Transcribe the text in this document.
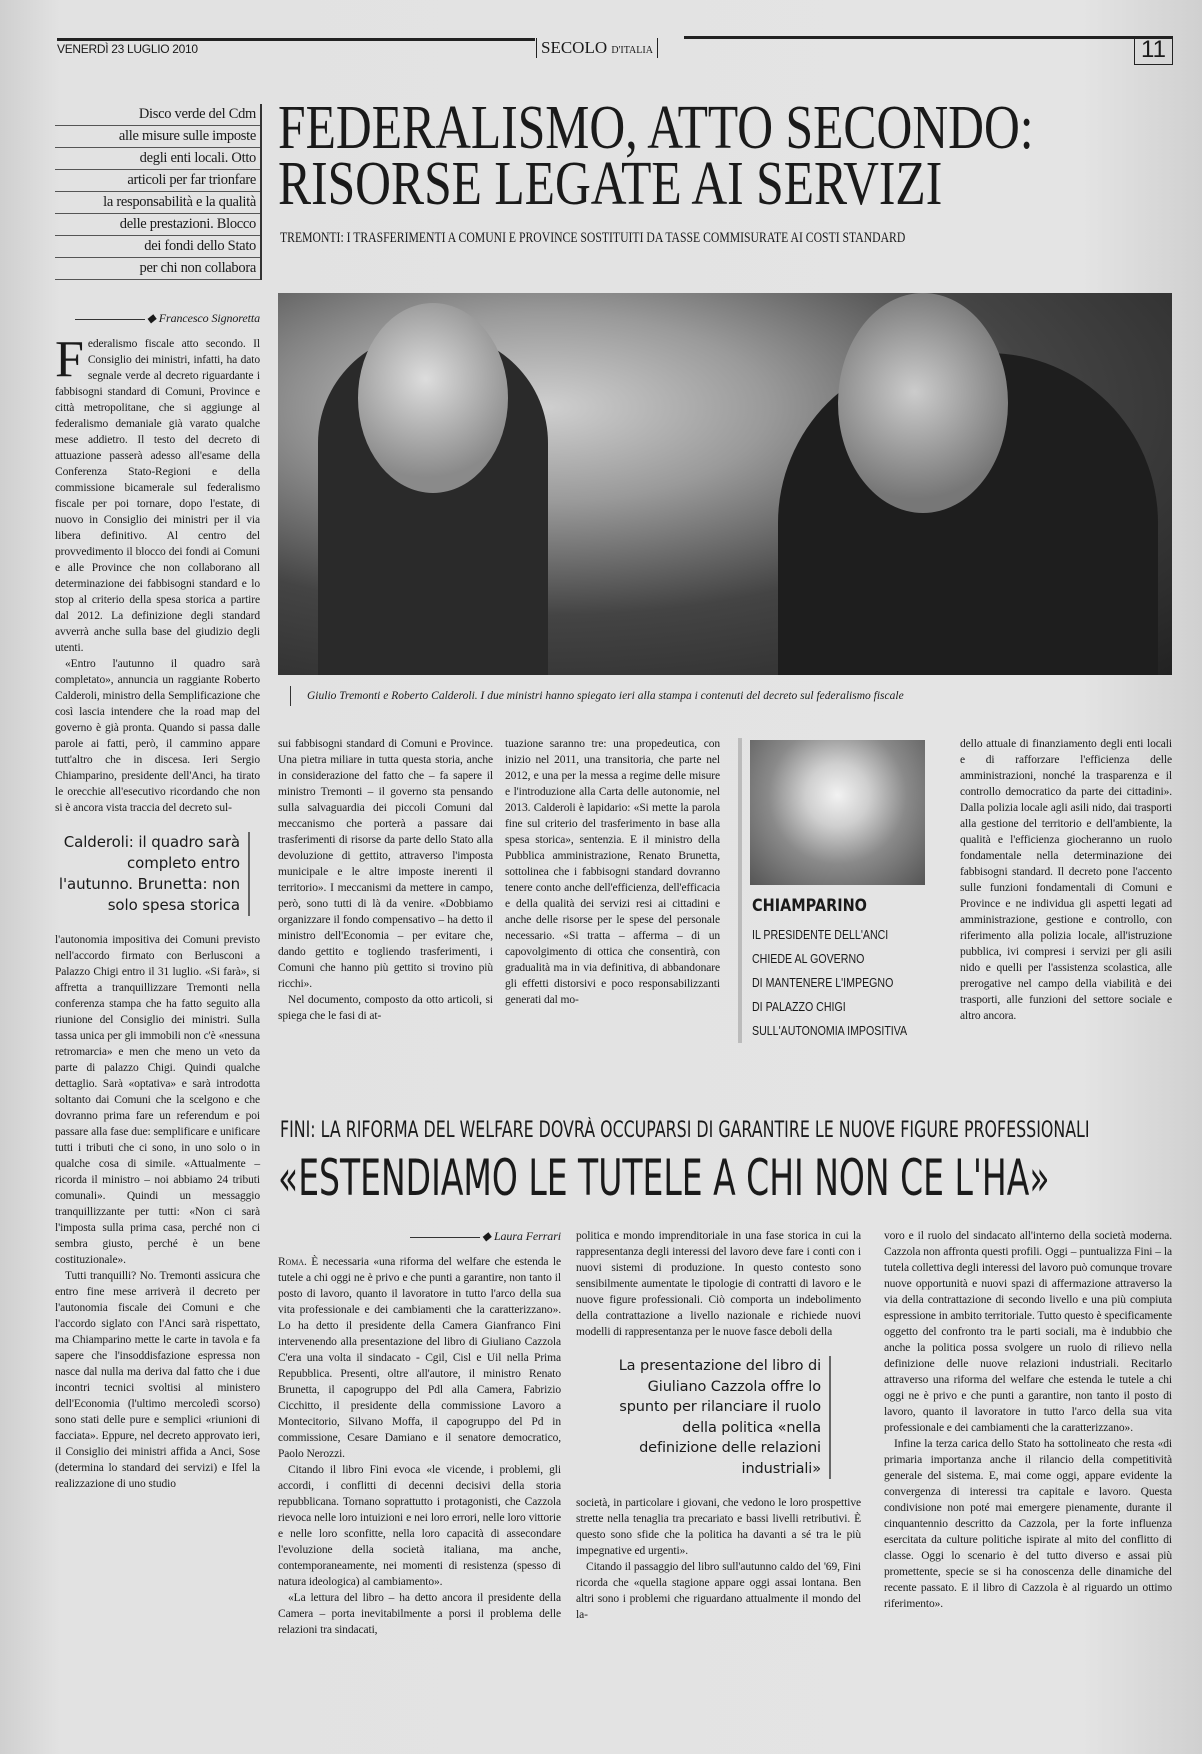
VENERDÌ 23 LUGLIO 2010	SECOLO D'ITALIA	11
Disco verde del Cdm
alle misure sulle imposte
degli enti locali. Otto
articoli per far trionfare
la responsabilità e la qualità
delle prestazioni. Blocco
dei fondi dello Stato
per chi non collabora
FEDERALISMO, ATTO SECONDO:
RISORSE LEGATE AI SERVIZI
TREMONTI: I TRASFERIMENTI A COMUNI E PROVINCE SOSTITUITI DA TASSE COMMISURATE AI COSTI STANDARD
Giulio Tremonti e Roberto Calderoli. I due ministri hanno spiegato ieri alla stampa i contenuti del decreto sul federalismo fiscale
◆ Francesco Signoretta

Federalismo fiscale atto secondo. Il Consiglio dei ministri, infatti, ha dato segnale verde al decreto riguardante i fabbisogni standard di Comuni, Province e città metropolitane, che si aggiunge al federalismo demaniale già varato qualche mese addietro. Il testo del decreto di attuazione passerà adesso all'esame della Conferenza Stato-Regioni e della commissione bicamerale sul federalismo fiscale per poi tornare, dopo l'estate, di nuovo in Consiglio dei ministri per il via libera definitivo. Al centro del provvedimento il blocco dei fondi ai Comuni e alle Province che non collaborano all determinazione dei fabbisogni standard e lo stop al criterio della spesa storica a partire dal 2012. La definizione degli standard avverrà anche sulla base del giudizio degli utenti.

«Entro l'autunno il quadro sarà completato», annuncia un raggiante Roberto Calderoli, ministro della Semplificazione che così lascia intendere che la road map del governo è già pronta. Quando si passa dalle parole ai fatti, però, il cammino appare tutt'altro che in discesa. Ieri Sergio Chiamparino, presidente dell'Anci, ha tirato le orecchie all'esecutivo ricordando che non si è ancora vista traccia del decreto sul-

Calderoli: il quadro sarà completo entro l'autunno. Brunetta: non solo spesa storica

l'autonomia impositiva dei Comuni previsto nell'accordo firmato con Berlusconi a Palazzo Chigi entro il 31 luglio. «Si farà», si affretta a tranquillizzare Tremonti nella conferenza stampa che ha fatto seguito alla riunione del Consiglio dei ministri. Sulla tassa unica per gli immobili non c'è «nessuna retromarcia» e men che meno un veto da parte di palazzo Chigi. Quindi qualche dettaglio. Sarà «optativa» e sarà introdotta soltanto dai Comuni che la scelgono e che dovranno prima fare un referendum e poi passare alla fase due: semplificare e unificare tutti i tributi che ci sono, in uno solo o in qualche cosa di simile. «Attualmente – ricorda il ministro – noi abbiamo 24 tributi comunali». Quindi un messaggio tranquillizzante per tutti: «Non ci sarà l'imposta sulla prima casa, perché non ci sembra giusto, perché è un bene costituzionale».

Tutti tranquilli? No. Tremonti assicura che entro fine mese arriverà il decreto per l'autonomia fiscale dei Comuni e che l'accordo siglato con l'Anci sarà rispettato, ma Chiamparino mette le carte in tavola e fa sapere che l'insoddisfazione espressa non nasce dal nulla ma deriva dal fatto che i due incontri tecnici svoltisi al ministero dell'Economia (l'ultimo mercoledì scorso) sono stati delle pure e semplici «riunioni di facciata». Eppure, nel decreto approvato ieri, il Consiglio dei ministri affida a Anci, Sose (determina lo standard dei servizi) e Ifel la realizzazione di uno studio

sui fabbisogni standard di Comuni e Province. Una pietra miliare in tutta questa storia, anche in considerazione del fatto che – fa sapere il ministro Tremonti – il governo sta pensando sulla salvaguardia dei piccoli Comuni dal meccanismo che porterà a passare dai trasferimenti di risorse da parte dello Stato alla devoluzione di gettito, attraverso l'imposta municipale e le altre imposte inerenti il territorio». I meccanismi da mettere in campo, però, sono tutti di là da venire. «Dobbiamo organizzare il fondo compensativo – ha detto il ministro dell'Economia – per evitare che, dando gettito e togliendo trasferimenti, i Comuni che hanno più gettito si trovino più ricchi».

Nel documento, composto da otto articoli, si spiega che le fasi di at-

tuazione saranno tre: una propedeutica, con inizio nel 2011, una transitoria, che parte nel 2012, e una per la messa a regime delle misure e l'introduzione alla Carta delle autonomie, nel 2013. Calderoli è lapidario: «Si mette la parola fine sul criterio del trasferimento in base alla spesa storica», sentenzia. E il ministro della Pubblica amministrazione, Renato Brunetta, sottolinea che i fabbisogni standard dovranno tenere conto anche dell'efficienza, dell'efficacia e della qualità dei servizi resi ai cittadini e anche delle risorse per le spese del personale necessario. «Si tratta – afferma – di un capovolgimento di ottica che consentirà, con gradualità ma in via definitiva, di abbandonare gli effetti distorsivi e poco responsabilizzanti generati dal mo-

CHIAMPARINO
IL PRESIDENTE DELL'ANCI
CHIEDE AL GOVERNO
DI MANTENERE L'IMPEGNO
DI PALAZZO CHIGI
SULL'AUTONOMIA IMPOSITIVA

dello attuale di finanziamento degli enti locali e di rafforzare l'efficienza delle amministrazioni, nonché la trasparenza e il controllo democratico da parte dei cittadini». Dalla polizia locale agli asili nido, dai trasporti alla gestione del territorio e dell'ambiente, la qualità e l'efficienza giocheranno un ruolo fondamentale nella determinazione dei fabbisogni standard. Il decreto pone l'accento sulle funzioni fondamentali di Comuni e Province e ne individua gli aspetti legati ad amministrazione, gestione e controllo, con riferimento alla polizia locale, all'istruzione pubblica, ivi compresi i servizi per gli asili nido e quelli per l'assistenza scolastica, alle prerogative nel campo della viabilità e dei trasporti, alle funzioni del settore sociale e altro ancora.

FINI: LA RIFORMA DEL WELFARE DOVRÀ OCCUPARSI DI GARANTIRE LE NUOVE FIGURE PROFESSIONALI
«ESTENDIAMO LE TUTELE A CHI NON CE L'HA»
◆ Laura Ferrari

Roma. È necessaria «una riforma del welfare che estenda le tutele a chi oggi ne è privo e che punti a garantire, non tanto il posto di lavoro, quanto il lavoratore in tutto l'arco della sua vita professionale e dei cambiamenti che la caratterizzano». Lo ha detto il presidente della Camera Gianfranco Fini intervenendo alla presentazione del libro di Giuliano Cazzola C'era una volta il sindacato - Cgil, Cisl e Uil nella Prima Repubblica. Presenti, oltre all'autore, il ministro Renato Brunetta, il capogruppo del Pdl alla Camera, Fabrizio Cicchitto, il presidente della commissione Lavoro a Montecitorio, Silvano Moffa, il capogruppo del Pd in commissione, Cesare Damiano e il senatore democratico, Paolo Nerozzi.

Citando il libro Fini evoca «le vicende, i problemi, gli accordi, i conflitti di decenni decisivi della storia repubblicana. Tornano soprattutto i protagonisti, che Cazzola rievoca nelle loro intuizioni e nei loro errori, nelle loro vittorie e nelle loro sconfitte, nella loro capacità di assecondare l'evoluzione della società italiana, ma anche, contemporaneamente, nei momenti di resistenza (spesso di natura ideologica) al cambiamento».

«La lettura del libro – ha detto ancora il presidente della Camera – porta inevitabilmente a porsi il problema delle relazioni tra sindacati,

politica e mondo imprenditoriale in una fase storica in cui la rappresentanza degli interessi del lavoro deve fare i conti con i nuovi sistemi di produzione. In questo contesto sono sensibilmente aumentate le tipologie di contratti di lavoro e le nuove figure professionali. Ciò comporta un indebolimento della contrattazione a livello nazionale e richiede nuovi modelli di rappresentanza per le nuove fasce deboli della

La presentazione del libro di Giuliano Cazzola offre lo spunto per rilanciare il ruolo della politica «nella definizione delle relazioni industriali»

società, in particolare i giovani, che vedono le loro prospettive strette nella tenaglia tra precariato e bassi livelli retributivi. È questo sono sfide che la politica ha davanti a sé tra le più impegnative ed urgenti».

Citando il passaggio del libro sull'autunno caldo del '69, Fini ricorda che «quella stagione appare oggi assai lontana. Ben altri sono i problemi che riguardano attualmente il mondo del la-

voro e il ruolo del sindacato all'interno della società moderna. Cazzola non affronta questi profili. Oggi – puntualizza Fini – la tutela collettiva degli interessi del lavoro può comunque trovare nuove opportunità e nuovi spazi di affermazione attraverso la via della contrattazione di secondo livello e una più compiuta espressione in ambito territoriale. Tutto questo è specificamente oggetto del confronto tra le parti sociali, ma è indubbio che anche la politica possa svolgere un ruolo di rilievo nella definizione delle nuove relazioni industriali. Recitarlo attraverso una riforma del welfare che estenda le tutele a chi oggi ne è privo e che punti a garantire, non tanto il posto di lavoro, quanto il lavoratore in tutto l'arco della sua vita professionale e dei cambiamenti che la caratterizzano».

Infine la terza carica dello Stato ha sottolineato che resta «di primaria importanza anche il rilancio della competitività generale del sistema. E, mai come oggi, appare evidente la convergenza di interessi tra capitale e lavoro. Questa condivisione non poté mai emergere pienamente, durante il cinquantennio descritto da Cazzola, per la forte influenza esercitata da culture politiche ispirate al mito del conflitto di classe. Oggi lo scenario è del tutto diverso e assai più promettente, specie se si ha conoscenza delle dinamiche del recente passato. E il libro di Cazzola è al riguardo un ottimo riferimento».
